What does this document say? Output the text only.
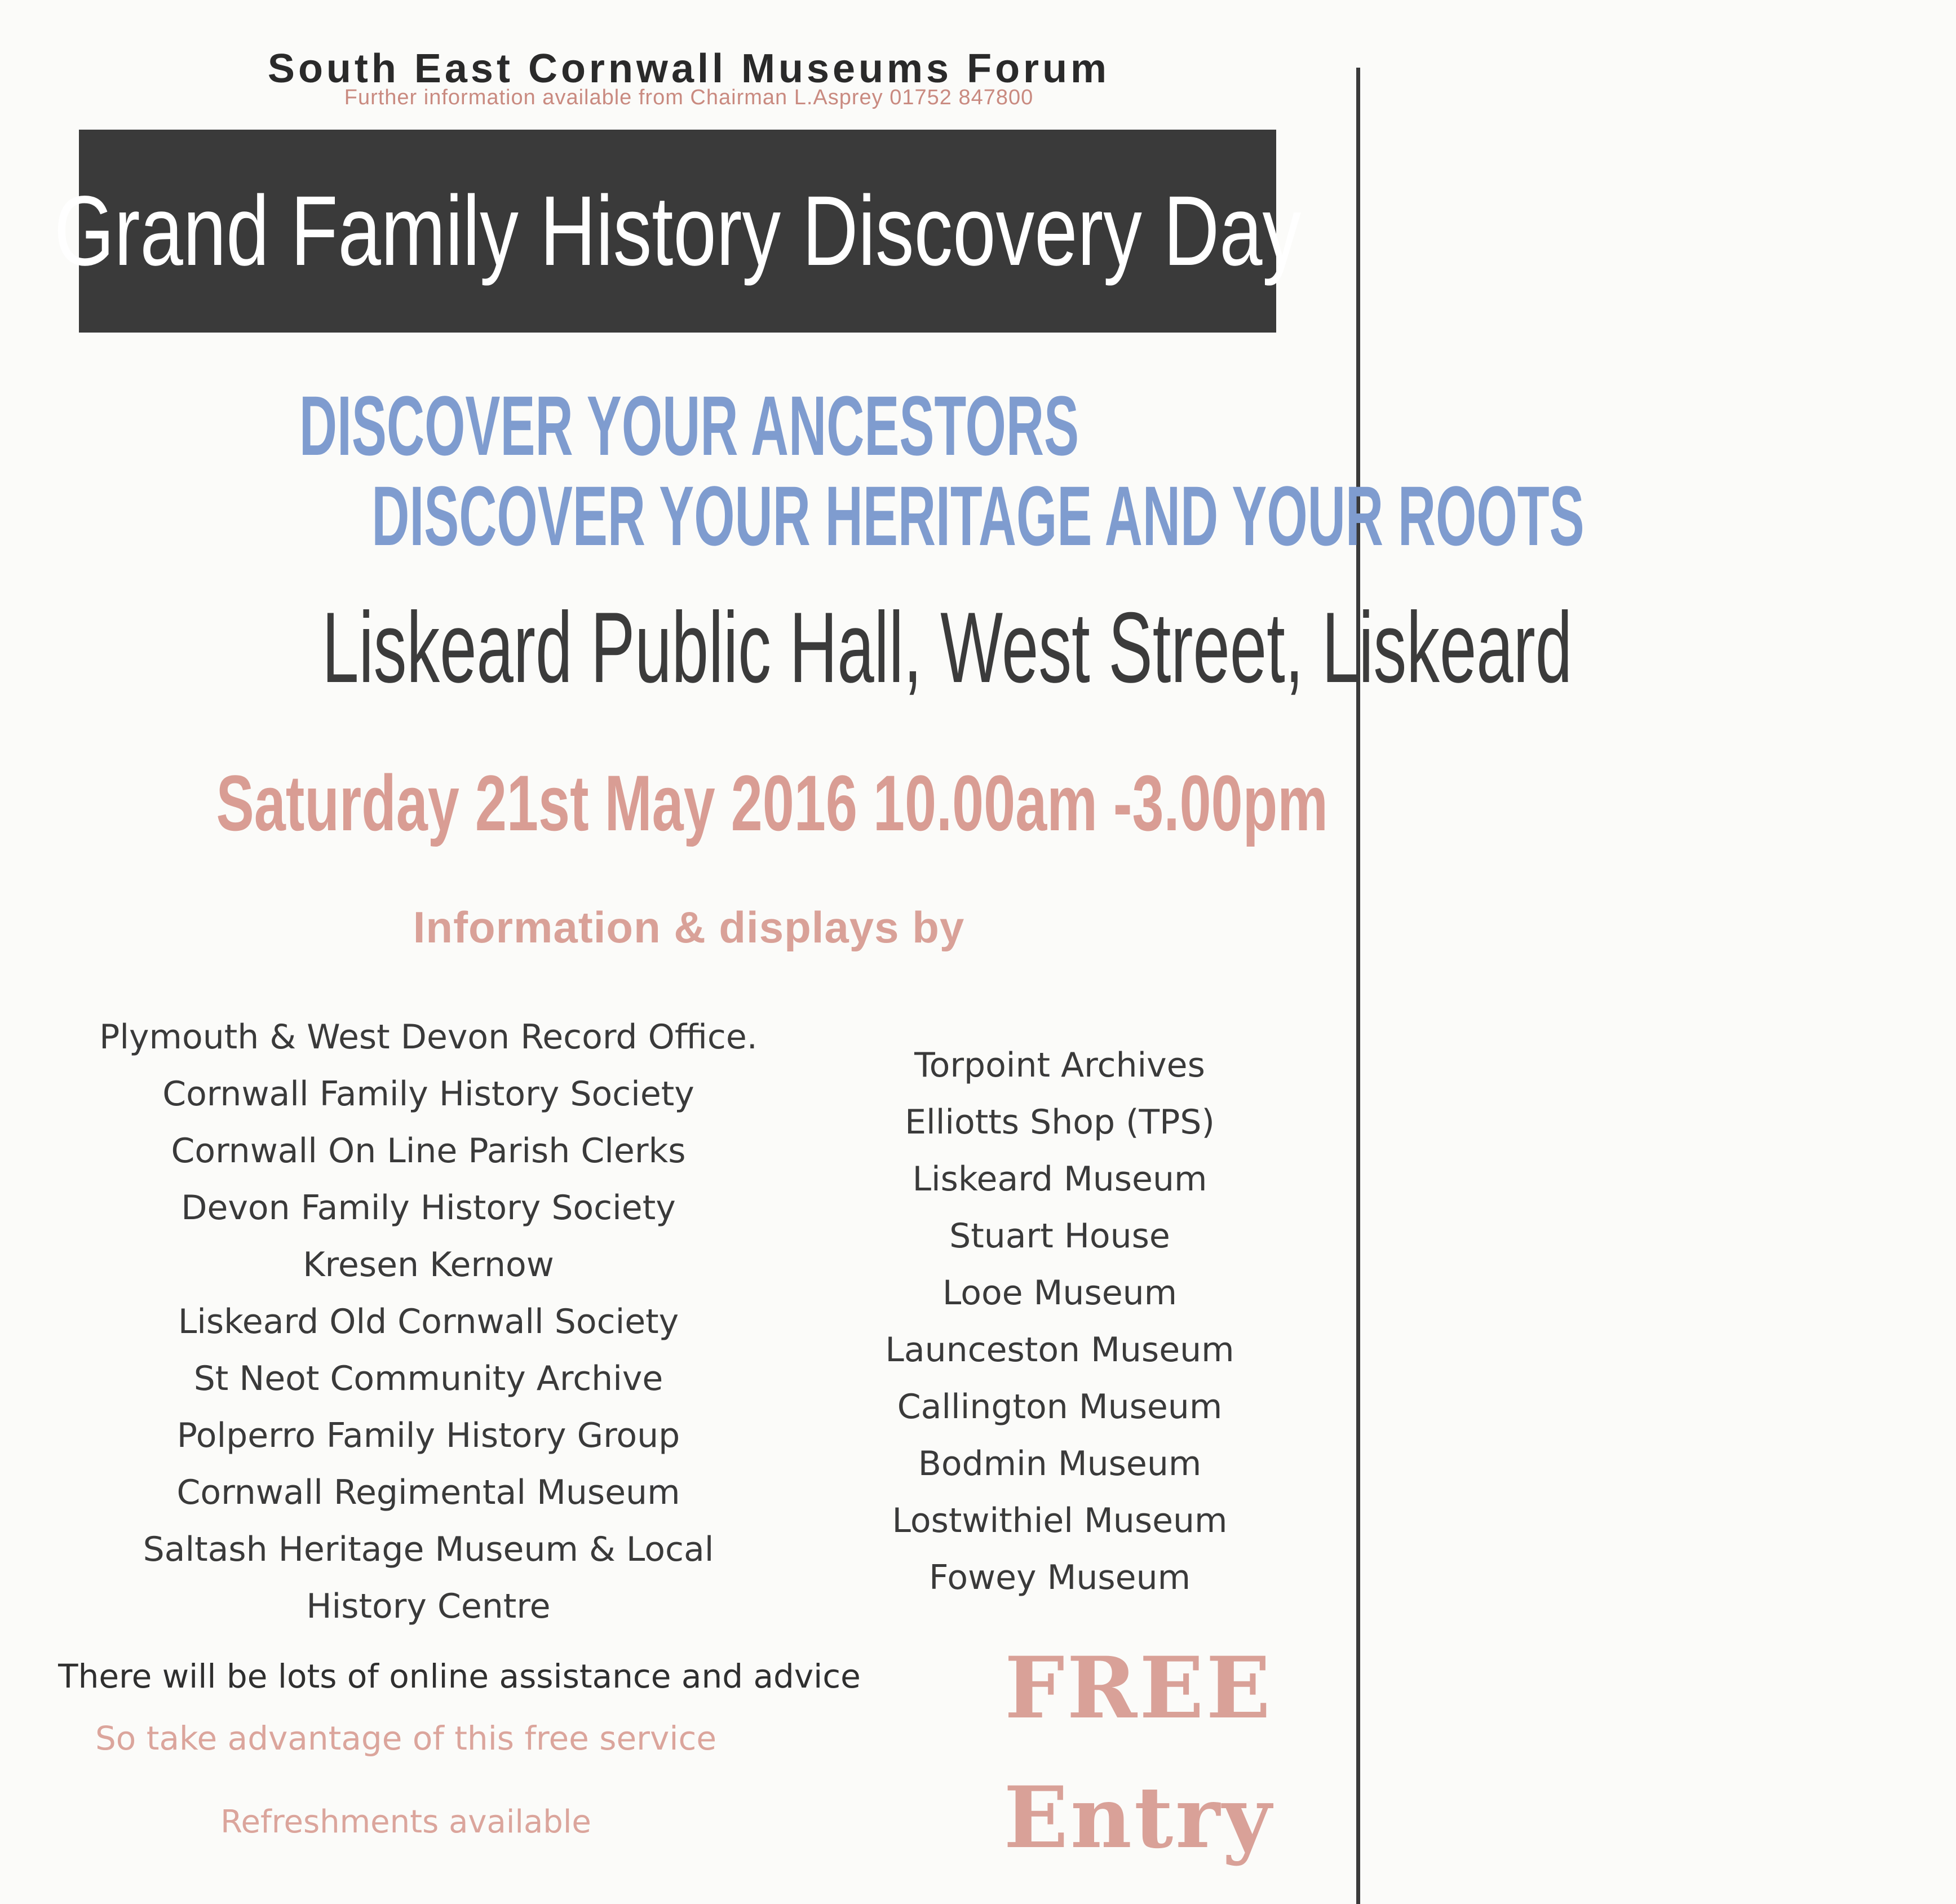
South East Cornwall Museums Forum
Further information available from Chairman L.Asprey 01752 847800
Grand Family History Discovery Day
DISCOVER YOUR ANCESTORS
DISCOVER YOUR HERITAGE AND YOUR ROOTS
Liskeard Public Hall, West Street, Liskeard
Saturday 21st May 2016 10.00am -3.00pm
Information & displays by
Plymouth & West Devon Record Office.
Cornwall Family History Society
Cornwall On Line Parish Clerks
Devon Family History Society
Kresen Kernow
Liskeard Old Cornwall Society
St Neot Community Archive
Polperro Family History Group
Cornwall Regimental Museum
Saltash Heritage Museum & Local
History Centre
Torpoint Archives
Elliotts Shop (TPS)
Liskeard Museum
Stuart House
Looe Museum
Launceston Museum
Callington Museum
Bodmin Museum
Lostwithiel Museum
Fowey Museum
There will be lots of online assistance and advice
So take advantage of this free service
Refreshments available
FREE
Entry
